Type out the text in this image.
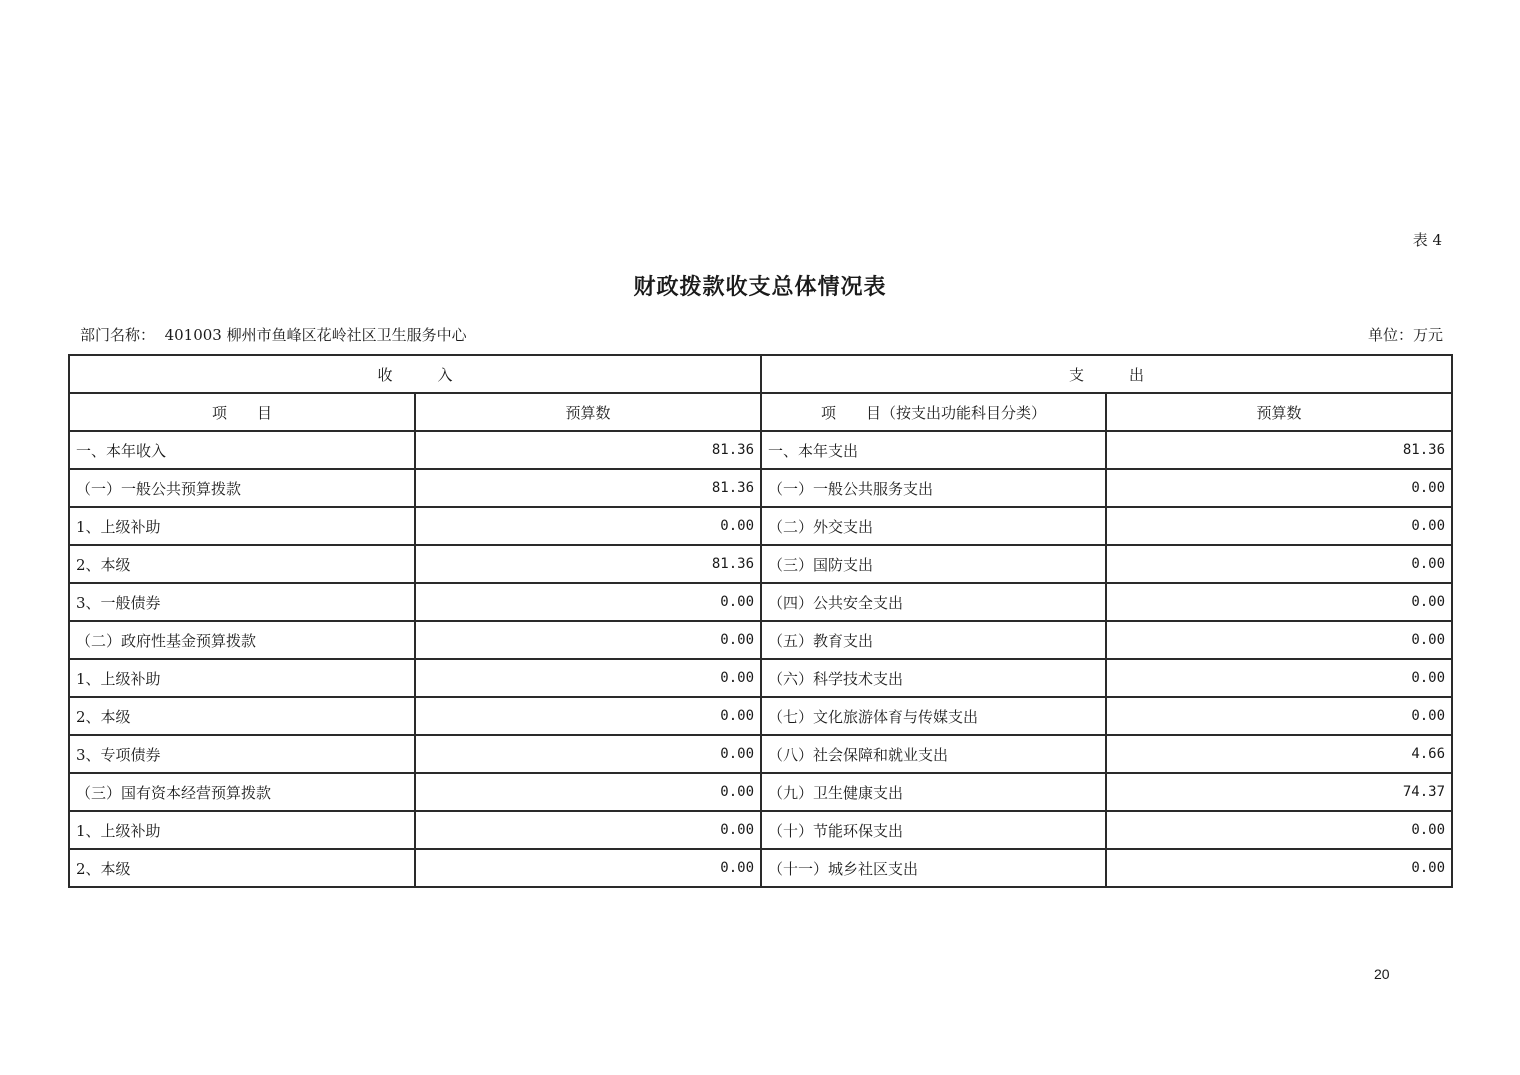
表 4
财政拨款收支总体情况表
部门名称： 401003 柳州市鱼峰区花岭社区卫生服务中心	单位：万元
收　　　入		支　　　出	
项　　目	预算数	项　　目（按支出功能科目分类）	预算数
一、本年收入	81.36	一、本年支出	81.36
（一）一般公共预算拨款	81.36	（一）一般公共服务支出	0.00
1、上级补助	0.00	（二）外交支出	0.00
2、本级	81.36	（三）国防支出	0.00
3、一般债券	0.00	（四）公共安全支出	0.00
（二）政府性基金预算拨款	0.00	（五）教育支出	0.00
1、上级补助	0.00	（六）科学技术支出	0.00
2、本级	0.00	（七）文化旅游体育与传媒支出	0.00
3、专项债券	0.00	（八）社会保障和就业支出	4.66
（三）国有资本经营预算拨款	0.00	（九）卫生健康支出	74.37
1、上级补助	0.00	（十）节能环保支出	0.00
2、本级	0.00	（十一）城乡社区支出	0.00
20
